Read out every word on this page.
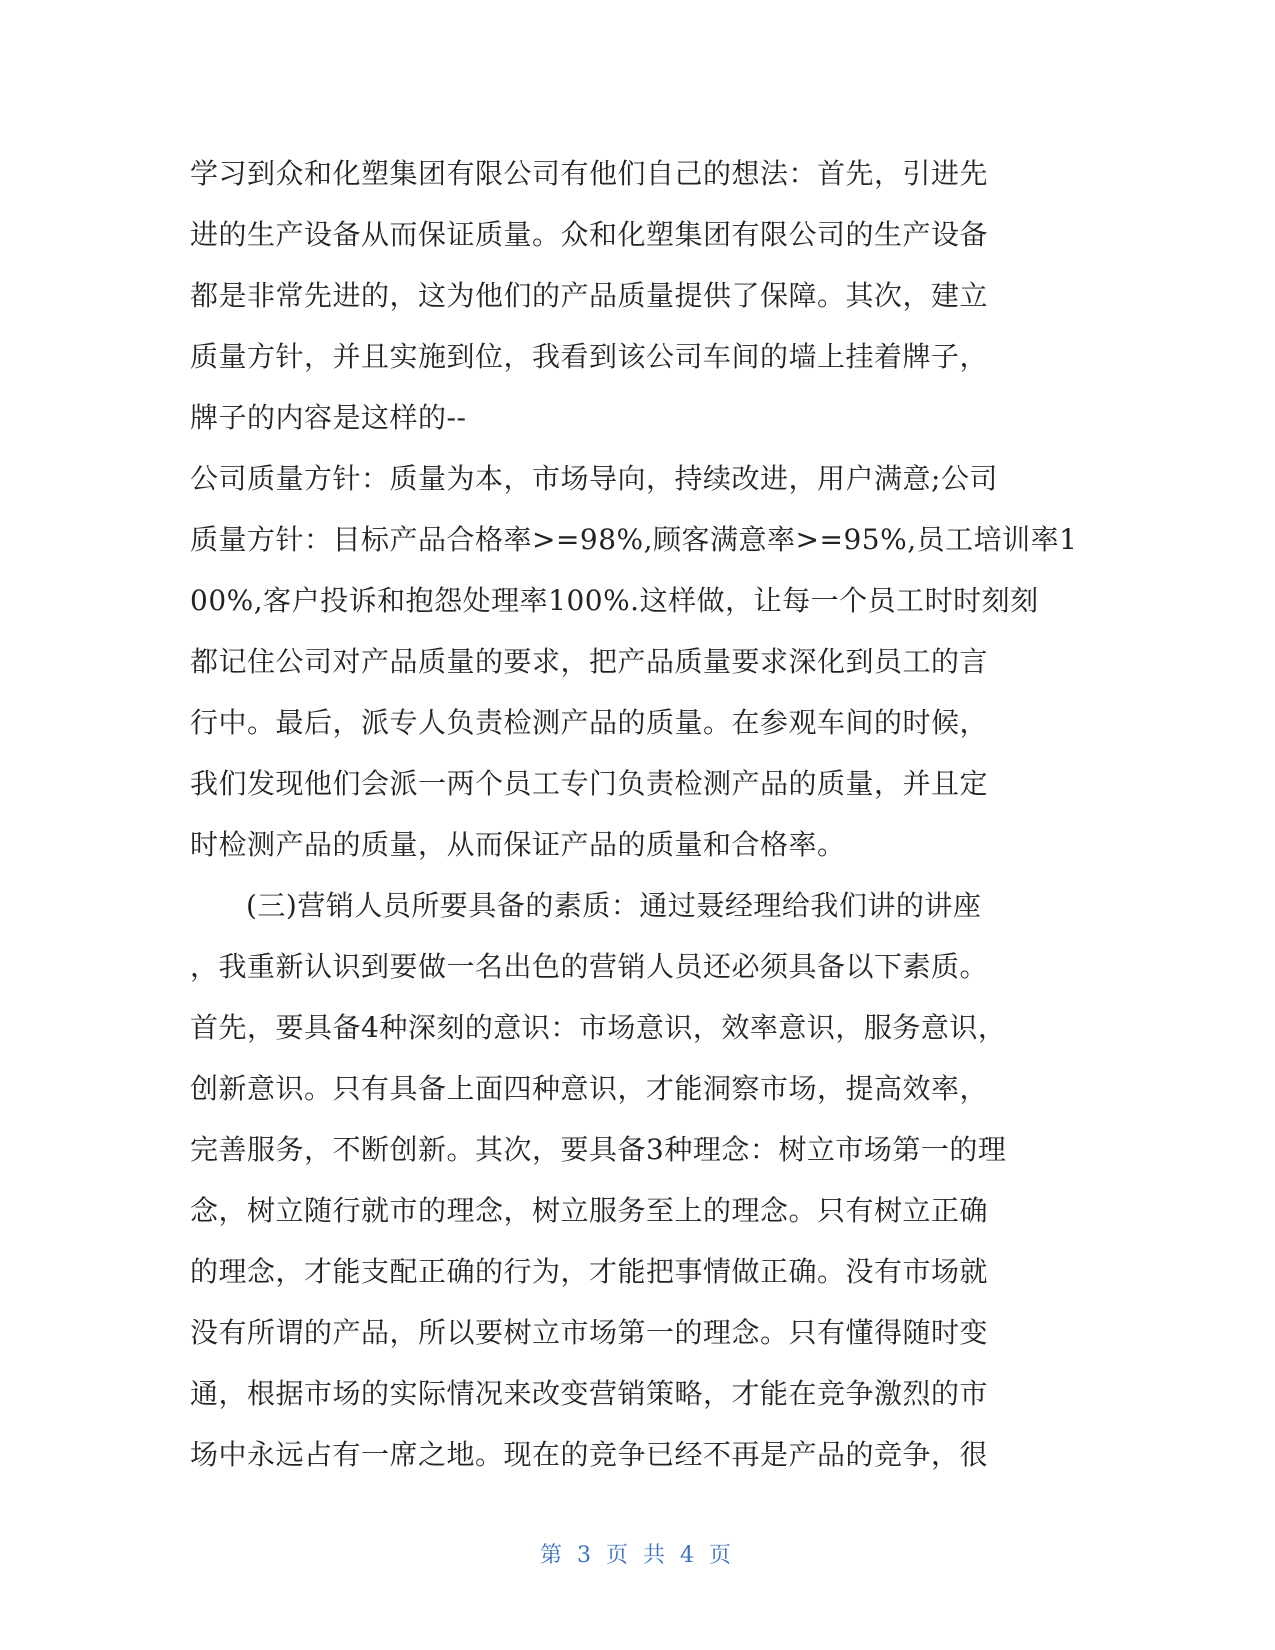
学习到众和化塑集团有限公司有他们自己的想法：首先，引进先
进的生产设备从而保证质量。众和化塑集团有限公司的生产设备
都是非常先进的，这为他们的产品质量提供了保障。其次，建立
质量方针，并且实施到位，我看到该公司车间的墙上挂着牌子，
牌子的内容是这样的--
公司质量方针：质量为本，市场导向，持续改进，用户满意;公司
质量方针：目标产品合格率>=98%,顾客满意率>=95%,员工培训率1
00%,客户投诉和抱怨处理率100%.这样做，让每一个员工时时刻刻
都记住公司对产品质量的要求，把产品质量要求深化到员工的言
行中。最后，派专人负责检测产品的质量。在参观车间的时候，
我们发现他们会派一两个员工专门负责检测产品的质量，并且定
时检测产品的质量，从而保证产品的质量和合格率。
(三)营销人员所要具备的素质：通过聂经理给我们讲的讲座
，我重新认识到要做一名出色的营销人员还必须具备以下素质。
首先，要具备4种深刻的意识：市场意识，效率意识，服务意识，
创新意识。只有具备上面四种意识，才能洞察市场，提高效率，
完善服务，不断创新。其次，要具备3种理念：树立市场第一的理
念，树立随行就市的理念，树立服务至上的理念。只有树立正确
的理念，才能支配正确的行为，才能把事情做正确。没有市场就
没有所谓的产品，所以要树立市场第一的理念。只有懂得随时变
通，根据市场的实际情况来改变营销策略，才能在竞争激烈的市
场中永远占有一席之地。现在的竞争已经不再是产品的竞争，很
第 3 页 共 4 页
